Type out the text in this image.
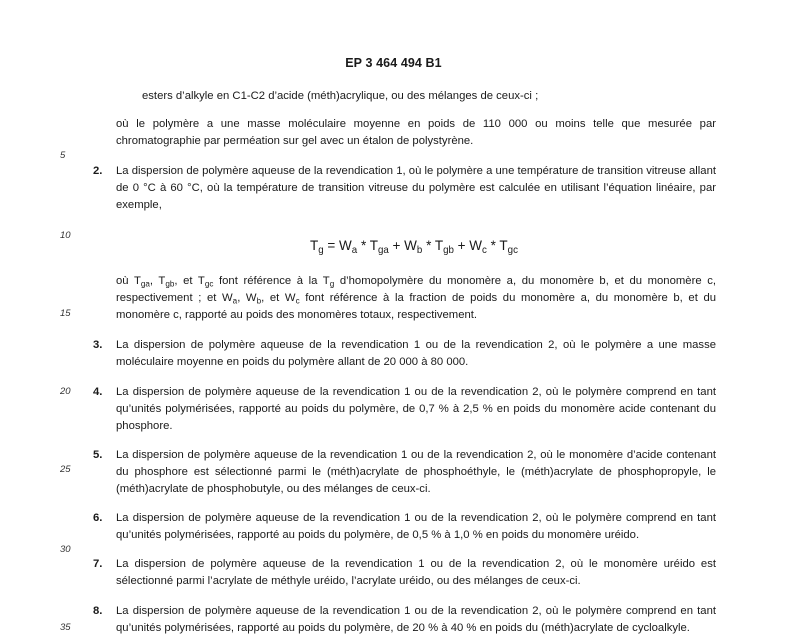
EP 3 464 494 B1
5
10
15
20
25
30
35
esters d’alkyle en C1-C2 d’acide (méth)acrylique, ou des mélanges de ceux-ci ;
où le polymère a une masse moléculaire moyenne en poids de 110 000 ou moins telle que mesurée par chromatographie par perméation sur gel avec un étalon de polystyrène.
2. La dispersion de polymère aqueuse de la revendication 1, où le polymère a une température de transition vitreuse allant de 0 °C à 60 °C, où la température de transition vitreuse du polymère est calculée en utilisant l’équation linéaire, par exemple,
$T_g = W_a * T_{ga} + W_b * T_{gb} + W_c * T_{gc}$
où $T_{ga}$, $T_{gb}$, et $T_{gc}$ font référence à la $T_g$ d’homopolymère du monomère a, du monomère b, et du monomère c, respectivement ; et $W_a$, $W_b$, et $W_c$ font référence à la fraction de poids du monomère a, du monomère b, et du monomère c, rapporté au poids des monomères totaux, respectivement.
3. La dispersion de polymère aqueuse de la revendication 1 ou de la revendication 2, où le polymère a une masse moléculaire moyenne en poids du polymère allant de 20 000 à 80 000.
4. La dispersion de polymère aqueuse de la revendication 1 ou de la revendication 2, où le polymère comprend en tant qu’unités polymérisées, rapporté au poids du polymère, de 0,7 % à 2,5 % en poids du monomère acide contenant du phosphore.
5. La dispersion de polymère aqueuse de la revendication 1 ou de la revendication 2, où le monomère d’acide contenant du phosphore est sélectionné parmi le (méth)acrylate de phosphoéthyle, le (méth)acrylate de phosphopropyle, le (méth)acrylate de phosphobutyle, ou des mélanges de ceux-ci.
6. La dispersion de polymère aqueuse de la revendication 1 ou de la revendication 2, où le polymère comprend en tant qu’unités polymérisées, rapporté au poids du polymère, de 0,5 % à 1,0 % en poids du monomère uréido.
7. La dispersion de polymère aqueuse de la revendication 1 ou de la revendication 2, où le monomère uréido est sélectionné parmi l’acrylate de méthyle uréido, l’acrylate uréido, ou des mélanges de ceux-ci.
8. La dispersion de polymère aqueuse de la revendication 1 ou de la revendication 2, où le polymère comprend en tant qu’unités polymérisées, rapporté au poids du polymère, de 20 % à 40 % en poids du (méth)acrylate de cycloalkyle.
